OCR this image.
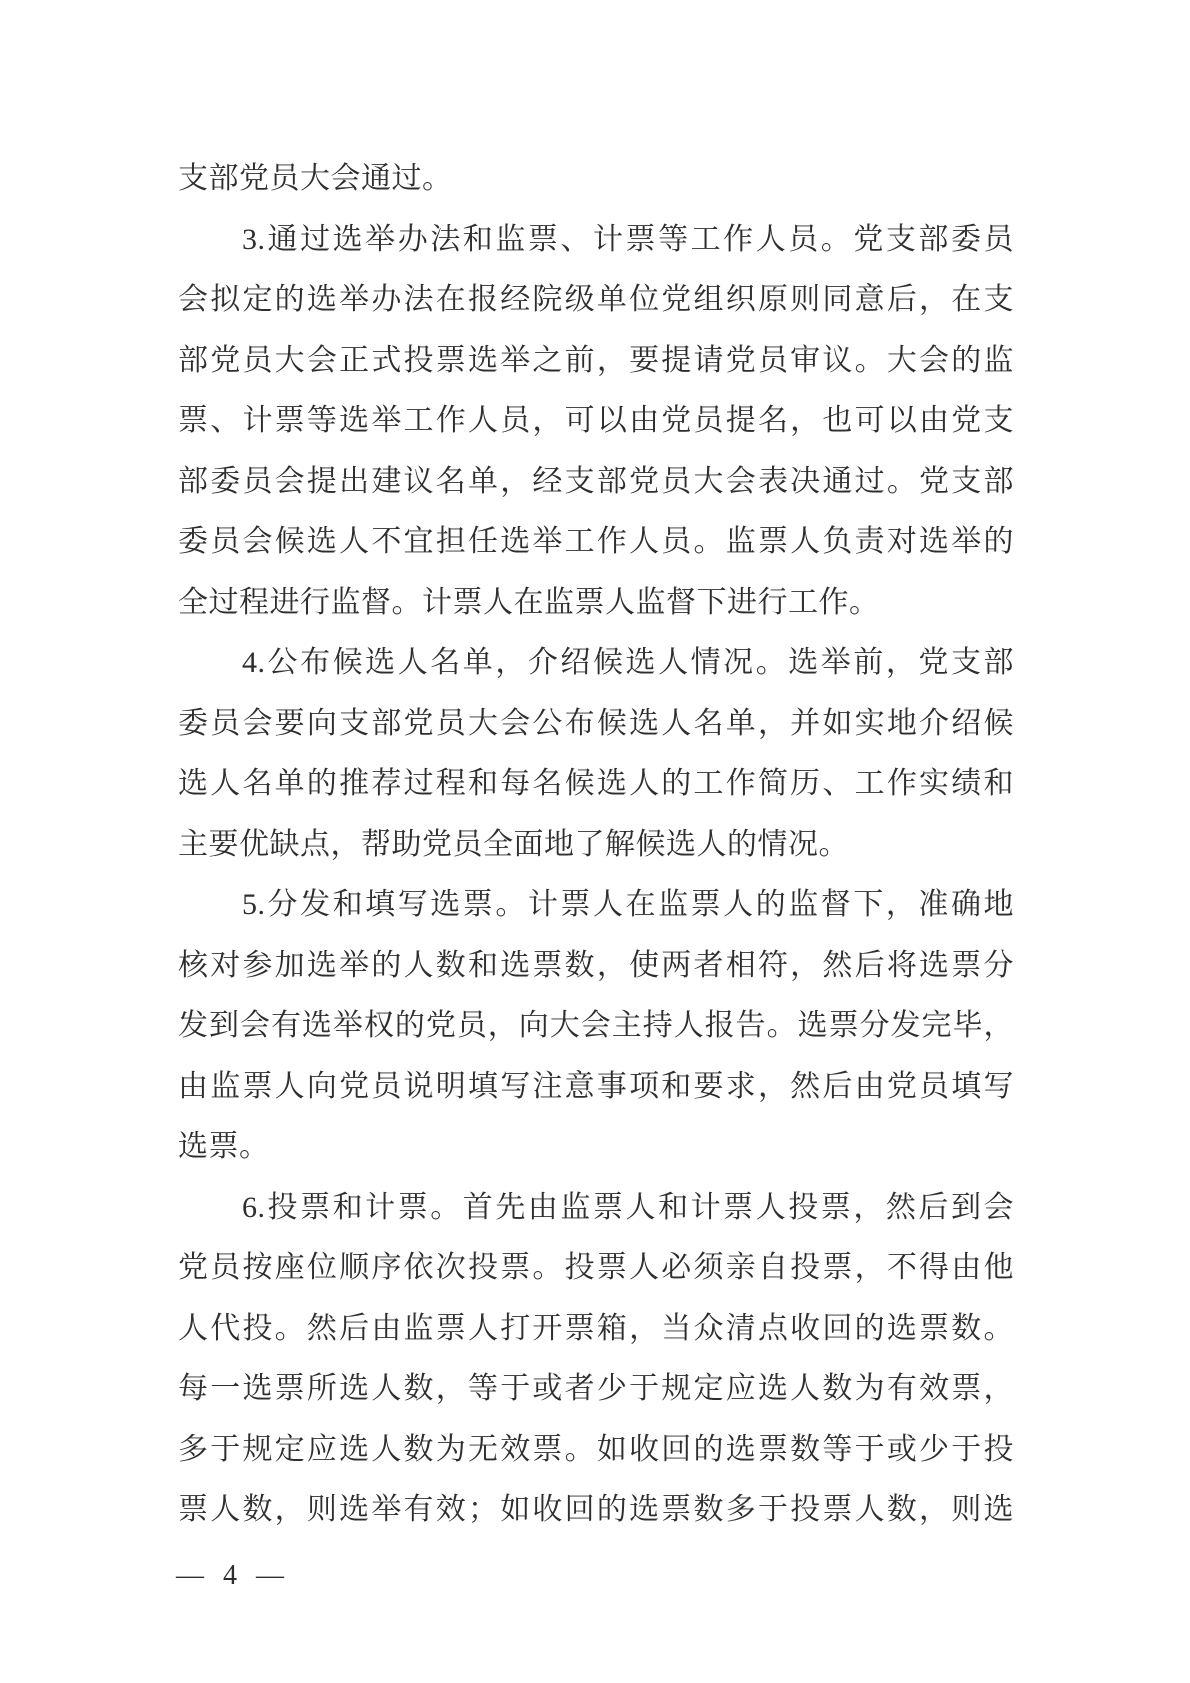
支部党员大会通过。

3.通过选举办法和监票、计票等工作人员。党支部委员
会拟定的选举办法在报经院级单位党组织原则同意后，在支
部党员大会正式投票选举之前，要提请党员审议。大会的监
票、计票等选举工作人员，可以由党员提名，也可以由党支
部委员会提出建议名单，经支部党员大会表决通过。党支部
委员会候选人不宜担任选举工作人员。监票人负责对选举的
全过程进行监督。计票人在监票人监督下进行工作。

4.公布候选人名单，介绍候选人情况。选举前，党支部
委员会要向支部党员大会公布候选人名单，并如实地介绍候
选人名单的推荐过程和每名候选人的工作简历、工作实绩和
主要优缺点，帮助党员全面地了解候选人的情况。

5.分发和填写选票。计票人在监票人的监督下，准确地
核对参加选举的人数和选票数，使两者相符，然后将选票分
发到会有选举权的党员，向大会主持人报告。选票分发完毕，
由监票人向党员说明填写注意事项和要求，然后由党员填写
选票。

6.投票和计票。首先由监票人和计票人投票，然后到会
党员按座位顺序依次投票。投票人必须亲自投票，不得由他
人代投。然后由监票人打开票箱，当众清点收回的选票数。
每一选票所选人数，等于或者少于规定应选人数为有效票，
多于规定应选人数为无效票。如收回的选票数等于或少于投
票人数，则选举有效；如收回的选票数多于投票人数，则选

— 4 —
